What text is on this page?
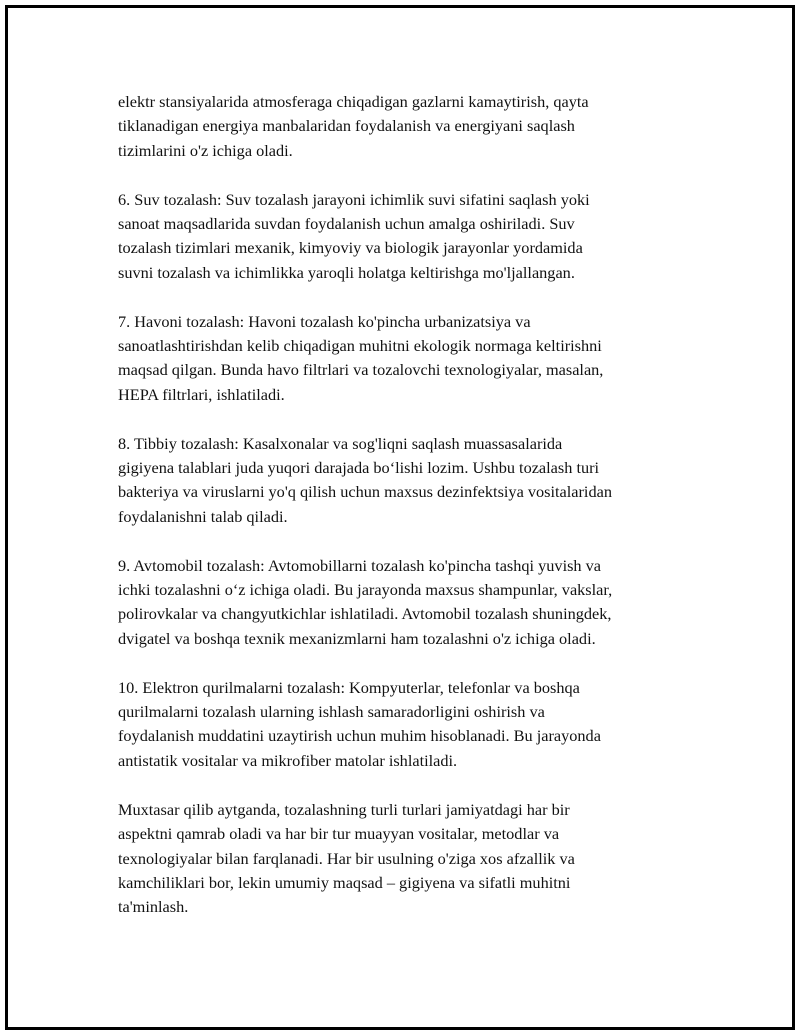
elektr stansiyalarida atmosferaga chiqadigan gazlarni kamaytirish, qayta
tiklanadigan energiya manbalaridan foydalanish va energiyani saqlash
tizimlarini o'z ichiga oladi.

6. Suv tozalash: Suv tozalash jarayoni ichimlik suvi sifatini saqlash yoki
sanoat maqsadlarida suvdan foydalanish uchun amalga oshiriladi. Suv
tozalash tizimlari mexanik, kimyoviy va biologik jarayonlar yordamida
suvni tozalash va ichimlikka yaroqli holatga keltirishga mo'ljallangan.

7. Havoni tozalash: Havoni tozalash ko'pincha urbanizatsiya va
sanoatlashtirishdan kelib chiqadigan muhitni ekologik normaga keltirishni
maqsad qilgan. Bunda havo filtrlari va tozalovchi texnologiyalar, masalan,
HEPA filtrlari, ishlatiladi.

8. Tibbiy tozalash: Kasalxonalar va sog'liqni saqlash muassasalarida
gigiyena talablari juda yuqori darajada bo‘lishi lozim. Ushbu tozalash turi
bakteriya va viruslarni yo'q qilish uchun maxsus dezinfektsiya vositalaridan
foydalanishni talab qiladi.

9. Avtomobil tozalash: Avtomobillarni tozalash ko'pincha tashqi yuvish va
ichki tozalashni o‘z ichiga oladi. Bu jarayonda maxsus shampunlar, vakslar,
polirovkalar va changyutkichlar ishlatiladi. Avtomobil tozalash shuningdek,
dvigatel va boshqa texnik mexanizmlarni ham tozalashni o'z ichiga oladi.

10. Elektron qurilmalarni tozalash: Kompyuterlar, telefonlar va boshqa
qurilmalarni tozalash ularning ishlash samaradorligini oshirish va
foydalanish muddatini uzaytirish uchun muhim hisoblanadi. Bu jarayonda
antistatik vositalar va mikrofiber matolar ishlatiladi.

Muxtasar qilib aytganda, tozalashning turli turlari jamiyatdagi har bir
aspektni qamrab oladi va har bir tur muayyan vositalar, metodlar va
texnologiyalar bilan farqlanadi. Har bir usulning o'ziga xos afzallik va
kamchiliklari bor, lekin umumiy maqsad – gigiyena va sifatli muhitni
ta'minlash.
